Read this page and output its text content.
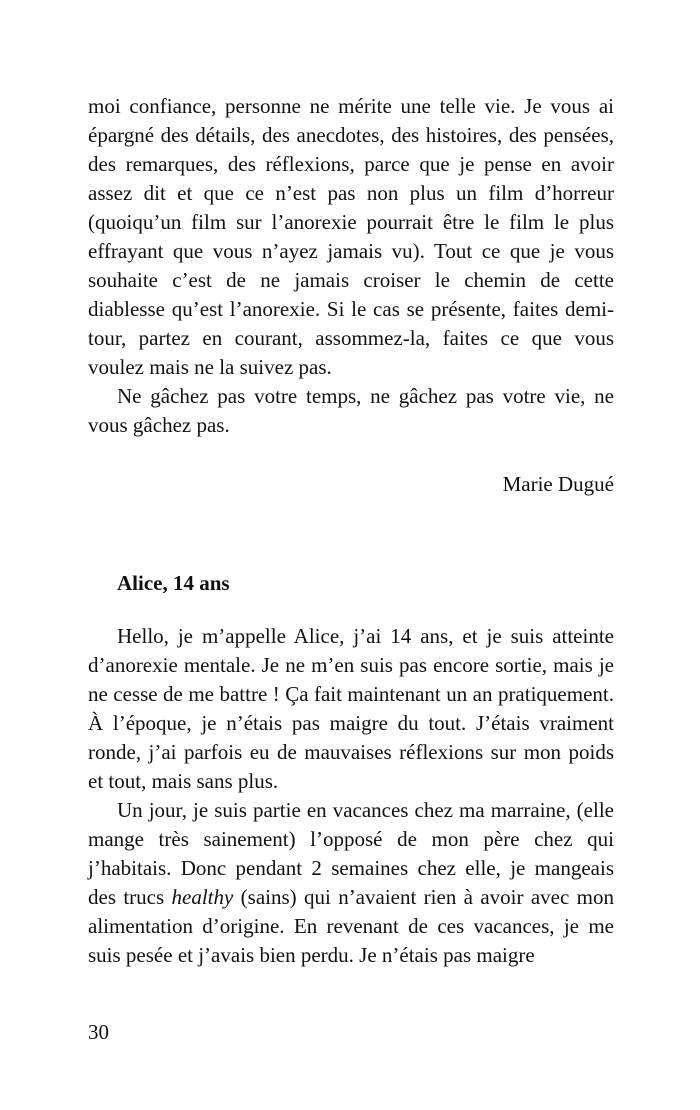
moi confiance, personne ne mérite une telle vie. Je vous ai épargné des détails, des anecdotes, des histoires, des pensées, des remarques, des réflexions, parce que je pense en avoir assez dit et que ce n’est pas non plus un film d’horreur (quoiqu’un film sur l’anorexie pourrait être le film le plus effrayant que vous n’ayez jamais vu). Tout ce que je vous souhaite c’est de ne jamais croiser le chemin de cette diablesse qu’est l’anorexie. Si le cas se présente, faites demi-tour, partez en courant, assommez-la, faites ce que vous voulez mais ne la suivez pas.

Ne gâchez pas votre temps, ne gâchez pas votre vie, ne vous gâchez pas.

Marie Dugué

Alice, 14 ans

Hello, je m’appelle Alice, j’ai 14 ans, et je suis atteinte d’anorexie mentale. Je ne m’en suis pas encore sortie, mais je ne cesse de me battre ! Ça fait maintenant un an pratiquement. À l’époque, je n’étais pas maigre du tout. J’étais vraiment ronde, j’ai parfois eu de mauvaises réflexions sur mon poids et tout, mais sans plus.

Un jour, je suis partie en vacances chez ma marraine, (elle mange très sainement) l’opposé de mon père chez qui j’habitais. Donc pendant 2 semaines chez elle, je mangeais des trucs healthy (sains) qui n’avaient rien à avoir avec mon alimentation d’origine. En revenant de ces vacances, je me suis pesée et j’avais bien perdu. Je n’étais pas maigre

30
